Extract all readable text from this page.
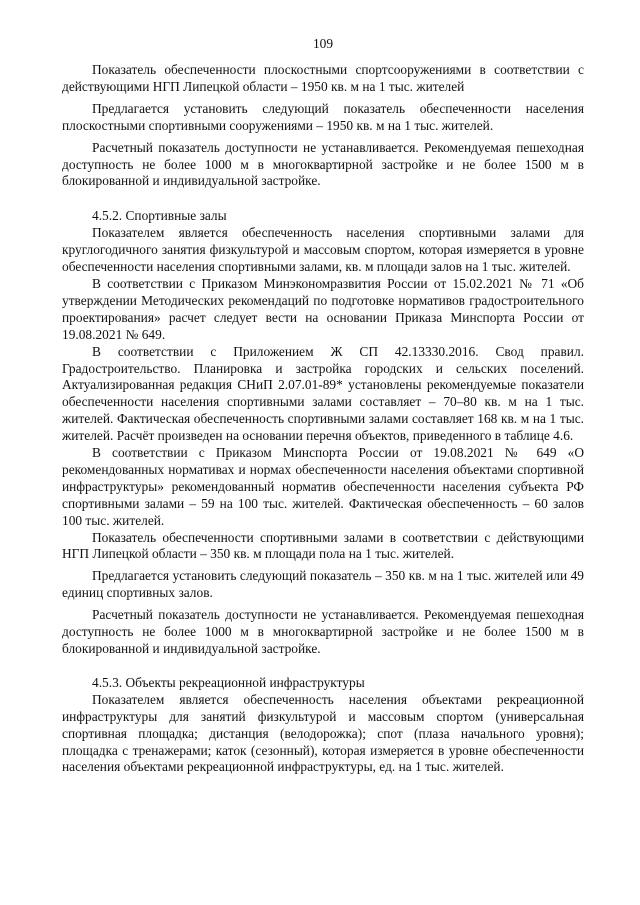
109

Показатель обеспеченности плоскостными спортсооружениями в соответствии с действующими НГП Липецкой области – 1950 кв. м на 1 тыс. жителей

Предлагается установить следующий показатель обеспеченности населения плоскостными спортивными сооружениями – 1950 кв. м на 1 тыс. жителей.

Расчетный показатель доступности не устанавливается. Рекомендуемая пешеходная доступность не более 1000 м в многоквартирной застройке и не более 1500 м в блокированной и индивидуальной застройке.

4.5.2. Спортивные залы

Показателем является обеспеченность населения спортивными залами для круглогодичного занятия физкультурой и массовым спортом, которая измеряется в уровне обеспеченности населения спортивными залами, кв. м площади залов на 1 тыс. жителей.

В соответствии с Приказом Минэкономразвития России от 15.02.2021 № 71 «Об утверждении Методических рекомендаций по подготовке нормативов градостроительного проектирования» расчет следует вести на основании Приказа Минспорта России от 19.08.2021 № 649.

В соответствии с Приложением Ж СП 42.13330.2016. Свод правил. Градостроительство. Планировка и застройка городских и сельских поселений. Актуализированная редакция СНиП 2.07.01-89* установлены рекомендуемые показатели обеспеченности населения спортивными залами составляет – 70–80 кв. м на 1 тыс. жителей. Фактическая обеспеченность спортивными залами составляет 168 кв. м на 1 тыс. жителей. Расчёт произведен на основании перечня объектов, приведенного в таблице 4.6.

В соответствии с Приказом Минспорта России от 19.08.2021 № 649 «О рекомендованных нормативах и нормах обеспеченности населения объектами спортивной инфраструктуры» рекомендованный норматив обеспеченности населения субъекта РФ спортивными залами – 59 на 100 тыс. жителей. Фактическая обеспеченность – 60 залов 100 тыс. жителей.

Показатель обеспеченности спортивными залами в соответствии с действующими НГП Липецкой области – 350 кв. м площади пола на 1 тыс. жителей.

Предлагается установить следующий показатель – 350 кв. м на 1 тыс. жителей или 49 единиц спортивных залов.

Расчетный показатель доступности не устанавливается. Рекомендуемая пешеходная доступность не более 1000 м в многоквартирной застройке и не более 1500 м в блокированной и индивидуальной застройке.

4.5.3. Объекты рекреационной инфраструктуры

Показателем является обеспеченность населения объектами рекреационной инфраструктуры для занятий физкультурой и массовым спортом (универсальная спортивная площадка; дистанция (велодорожка); спот (плаза начального уровня); площадка с тренажерами; каток (сезонный), которая измеряется в уровне обеспеченности населения объектами рекреационной инфраструктуры, ед. на 1 тыс. жителей.
